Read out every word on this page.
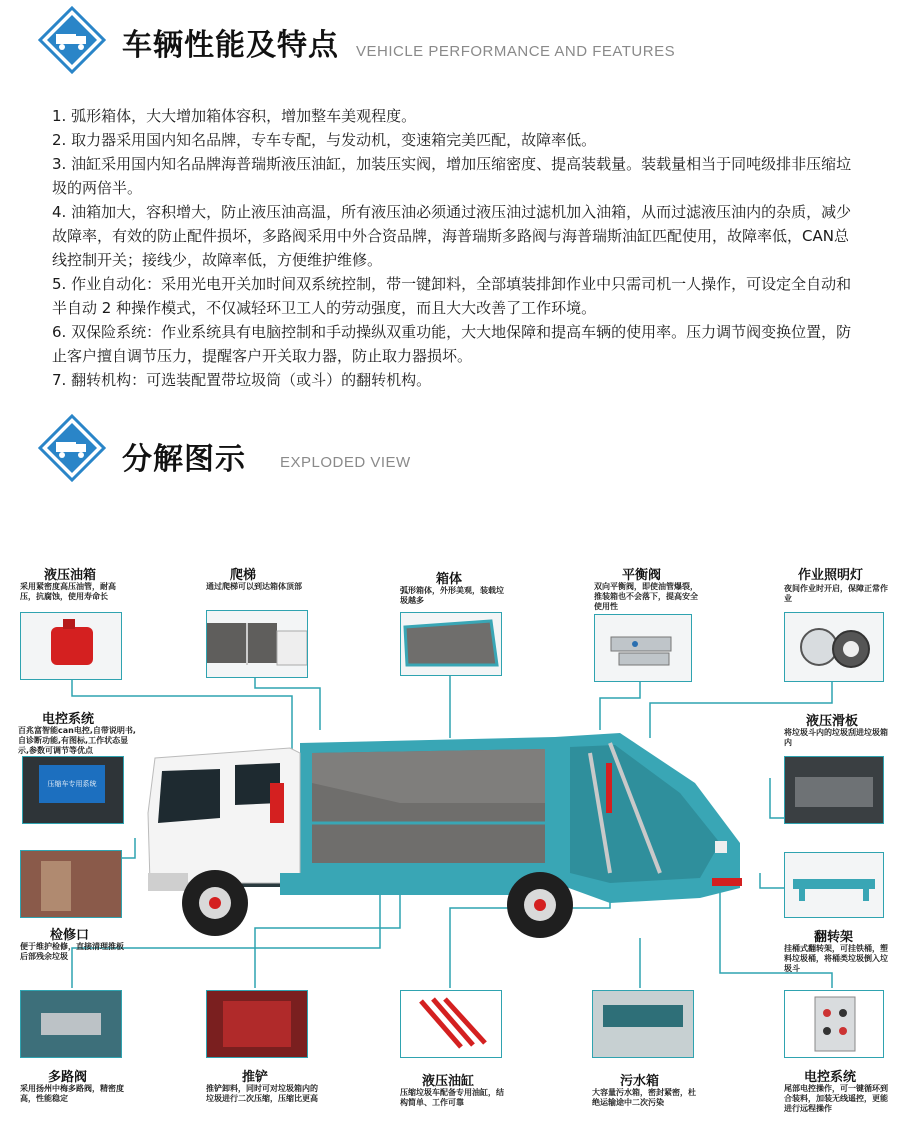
车辆性能及特点 VEHICLE PERFORMANCE AND FEATURES
1. 弧形箱体，大大增加箱体容积，增加整车美观程度。
2. 取力器采用国内知名品牌，专车专配，与发动机，变速箱完美匹配，故障率低。
3. 油缸采用国内知名品牌海普瑞斯液压油缸，加装压实阀，增加压缩密度、提高装载量。装载量相当于同吨级排非压缩垃圾的两倍半。
4. 油箱加大，容积增大，防止液压油高温，所有液压油必须通过液压油过滤机加入油箱，从而过滤液压油内的杂质，减少故障率，有效的防止配件损坏，多路阀采用中外合资品牌，海普瑞斯多路阀与海普瑞斯油缸匹配使用，故障率低，CAN总线控制开关；接线少，故障率低，方便维护维修。
5. 作业自动化：采用光电开关加时间双系统控制，带一键卸料，全部填装排卸作业中只需司机一人操作，可设定全自动和半自动 2 种操作模式，不仅减轻环卫工人的劳动强度，而且大大改善了工作环境。
6. 双保险系统：作业系统具有电脑控制和手动操纵双重功能，大大地保障和提高车辆的使用率。压力调节阀变换位置，防止客户擅自调节压力，提醒客户开关取力器，防止取力器损坏。
7. 翻转机构：可选装配置带垃圾筒（或斗）的翻转机构。
分解图示 EXPLODED VIEW
液压油箱
采用紧密度高压油管，耐高压，抗腐蚀，使用寿命长
爬梯
通过爬梯可以到达箱体顶部	箱体
弧形箱体，外形美观，装载垃圾越多
平衡阀
双向平衡阀，即使油管爆裂，推装箱也不会落下，提高安全使用性
作业照明灯
夜间作业时开启，保障正常作业
电控系统
百兆富智能can电控,自带说明书,自诊断功能,有图标,工作状态显示,参数可调节等优点
压缩车专用系统
检修口
便于维护检修，直接清理推板后部残余垃圾
液压滑板
将垃圾斗内的垃圾刮进垃圾箱内
翻转架
挂桶式翻转架，可挂铁桶，塑料垃圾桶，将桶类垃圾倒入垃圾斗
多路阀
采用扬州中梅多路阀，精密度高，性能稳定
推铲
推铲卸料，同时可对垃圾箱内的垃圾进行二次压缩，压缩比更高
液压油缸
压缩垃圾车配备专用油缸，结构简单、工作可靠
污水箱
大容量污水箱，密封紧密，杜绝运输途中二次污染
电控系统
尾部电控操作，可一键循环到合装料，加装无线遥控，更能进行远程操作
